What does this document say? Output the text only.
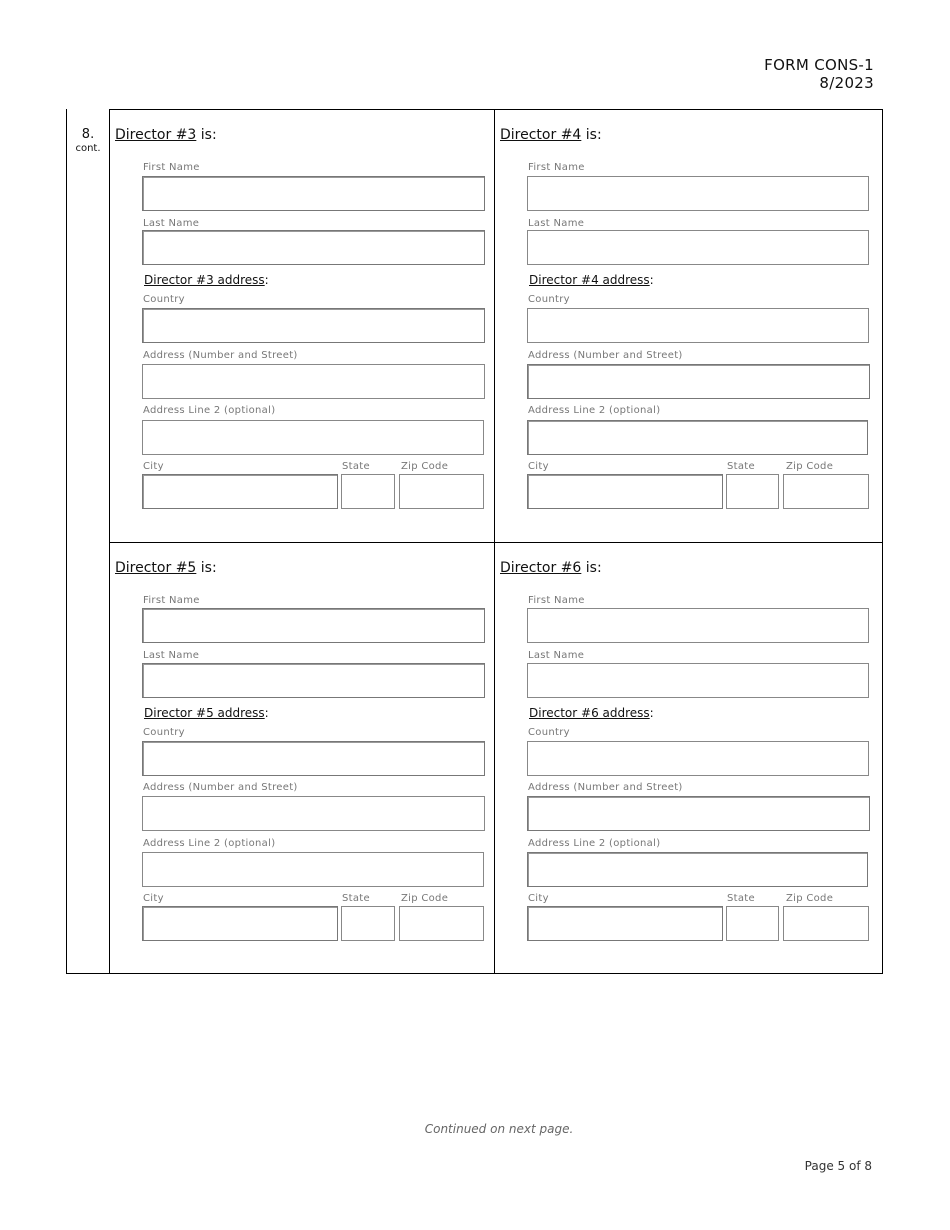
FORM CONS-1
8/2023
8.
cont.
Director #3 is:
First Name
Last Name
Director #3 address:
Country
Address (Number and Street)
Address Line 2 (optional)
City	State	Zip Code
Director #4 is:
First Name
Last Name
Director #4 address:
Country
Address (Number and Street)
Address Line 2 (optional)
City	State	Zip Code
Director #5 is:
First Name
Last Name
Director #5 address:
Country
Address (Number and Street)
Address Line 2 (optional)
City	State	Zip Code
Director #6 is:
First Name
Last Name
Director #6 address:
Country
Address (Number and Street)
Address Line 2 (optional)
City	State	Zip Code
Continued on next page.
Page 5 of 8
